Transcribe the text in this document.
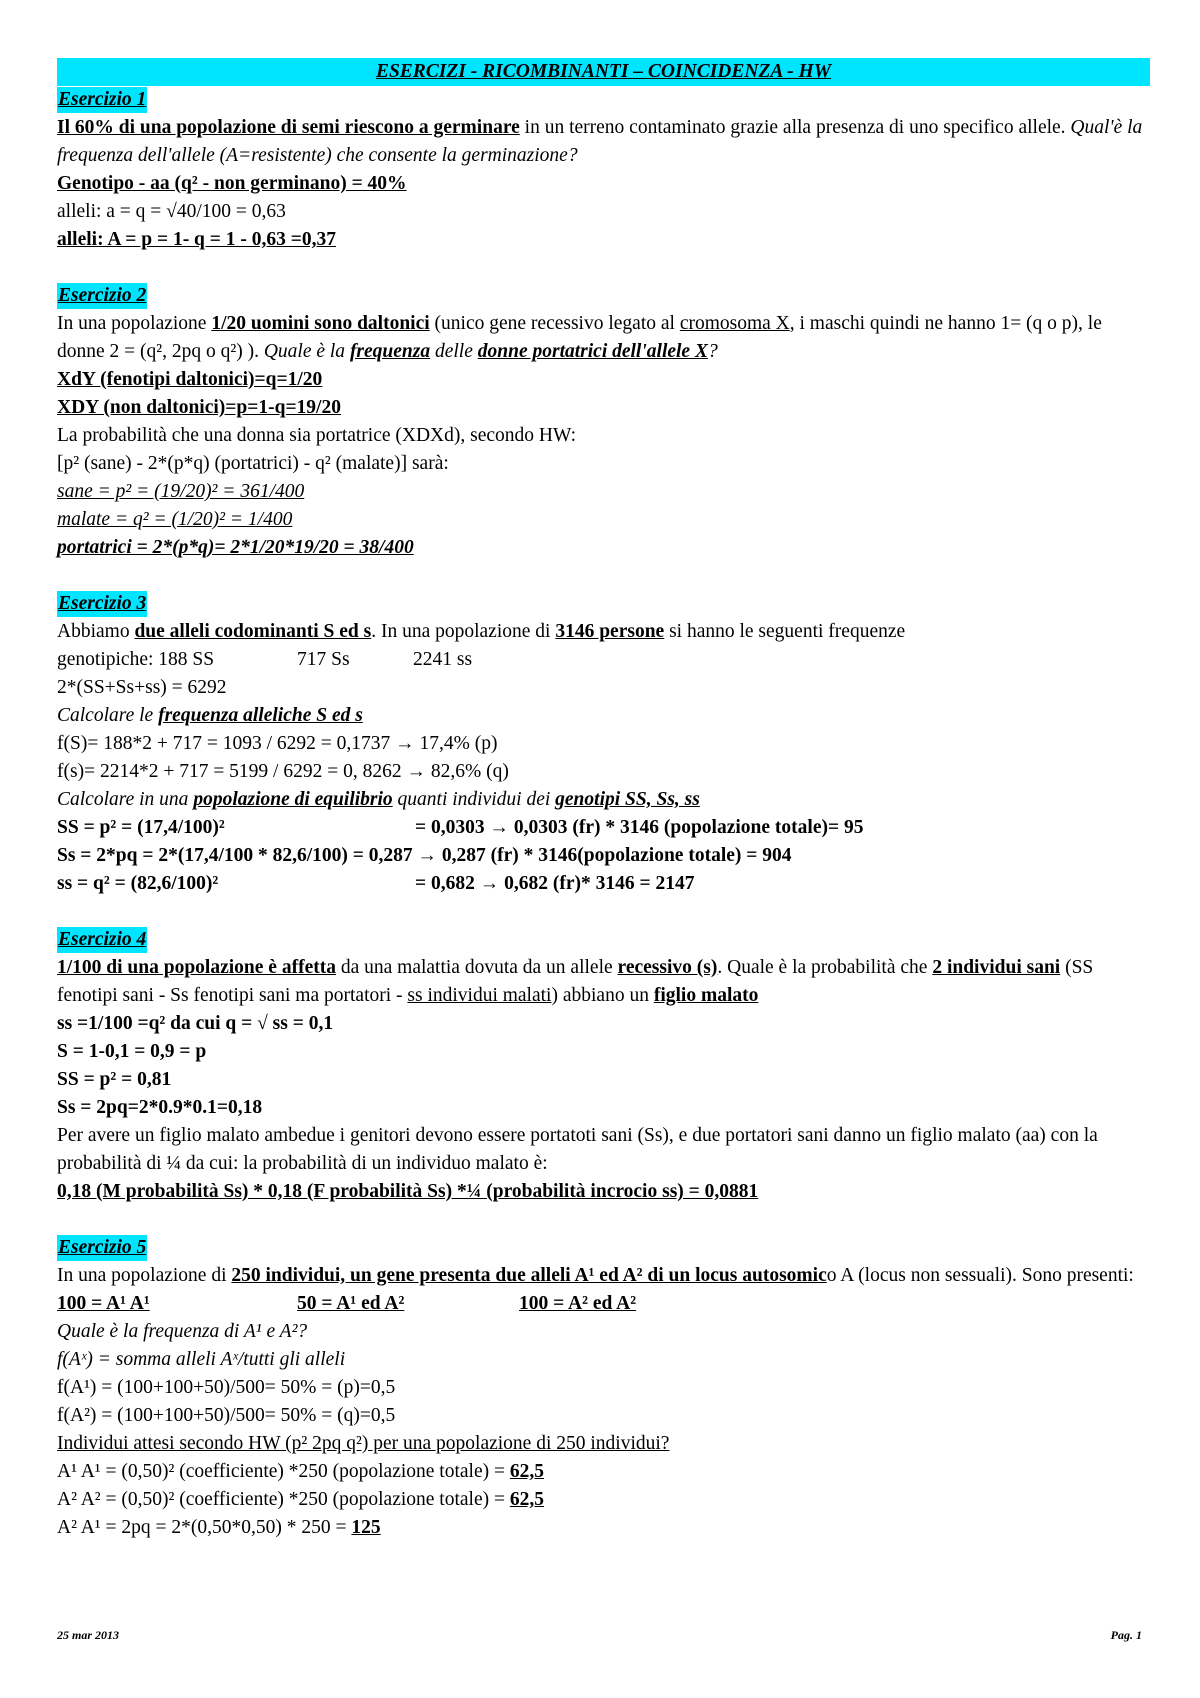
ESERCIZI - RICOMBINANTI – COINCIDENZA - HW
Esercizio 1

Il 60% di una popolazione di semi riescono a germinare in un terreno contaminato grazie alla presenza di uno specifico allele. Qual'è la frequenza dell'allele (A=resistente) che consente la germinazione?

Genotipo - aa (q² - non germinano) = 40%
alleli: a = q = √40/100 = 0,63
alleli: A = p = 1- q = 1 - 0,63 =0,37
Esercizio 2

In una popolazione 1/20 uomini sono daltonici (unico gene recessivo legato al cromosoma X, i maschi quindi ne hanno 1= (q o p), le donne 2 = (q², 2pq o q²) ). Quale è la frequenza delle donne portatrici dell'allele X?

XdY (fenotipi daltonici)=q=1/20
XDY (non daltonici)=p=1-q=19/20
La probabilità che una donna sia portatrice (XDXd), secondo HW:
[p² (sane) - 2*(p*q) (portatrici) - q² (malate)] sarà:
sane = p² = (19/20)² = 361/400
malate = q² = (1/20)² = 1/400
portatrici = 2*(p*q)= 2*1/20*19/20 = 38/400
Esercizio 3
Abbiamo due alleli codominanti S ed s. In una popolazione di 3146 persone si hanno le seguenti frequenze
genotipiche: 188 SS	717 Ss	2241 ss
2*(SS+Ss+ss) = 6292
Calcolare le frequenza alleliche S ed s
f(S)= 188*2 + 717 = 1093 / 6292 = 0,1737 → 17,4% (p)
f(s)= 2214*2 + 717 = 5199 / 6292 = 0, 8262 → 82,6% (q)
Calcolare in una popolazione di equilibrio quanti individui dei genotipi SS, Ss, ss
SS = p² = (17,4/100)²	= 0,0303 → 0,0303 (fr) * 3146 (popolazione totale)= 95
Ss = 2*pq = 2*(17,4/100 * 82,6/100) = 0,287 → 0,287 (fr) * 3146(popolazione totale) = 904
ss = q² = (82,6/100)²	= 0,682 → 0,682 (fr)* 3146 = 2147
Esercizio 4

1/100 di una popolazione è affetta da una malattia dovuta da un allele recessivo (s). Quale è la probabilità che 2 individui sani (SS fenotipi sani - Ss fenotipi sani ma portatori - ss individui malati) abbiano un figlio malato

ss =1/100 =q² da cui q = √ ss = 0,1
S = 1-0,1 = 0,9 = p
SS = p² = 0,81
Ss = 2pq=2*0.9*0.1=0,18

Per avere un figlio malato ambedue i genitori devono essere portatoti sani (Ss), e due portatori sani danno un figlio malato (aa) con la probabilità di ¼ da cui: la probabilità di un individuo malato è:

0,18 (M probabilità Ss) * 0,18 (F probabilità Ss) *¼ (probabilità incrocio ss) = 0,0881
Esercizio 5

In una popolazione di 250 individui, un gene presenta due alleli A¹ ed A² di un locus autosomico A (locus non sessuali). Sono presenti: 100 = A¹ A¹	50 = A¹ ed A²	100 = A² ed A²

Quale è la frequenza di A¹ e A²?
f(Aˣ) = somma alleli Aˣ/tutti gli alleli
f(A¹) = (100+100+50)/500= 50% = (p)=0,5
f(A²) = (100+100+50)/500= 50% = (q)=0,5
Individui attesi secondo HW (p² 2pq q²) per una popolazione di 250 individui?
A¹ A¹ = (0,50)² (coefficiente) *250 (popolazione totale) = 62,5
A² A² = (0,50)² (coefficiente) *250 (popolazione totale) = 62,5
A² A¹ = 2pq = 2*(0,50*0,50) * 250 = 125
25 mar 2013	Pag. 1
